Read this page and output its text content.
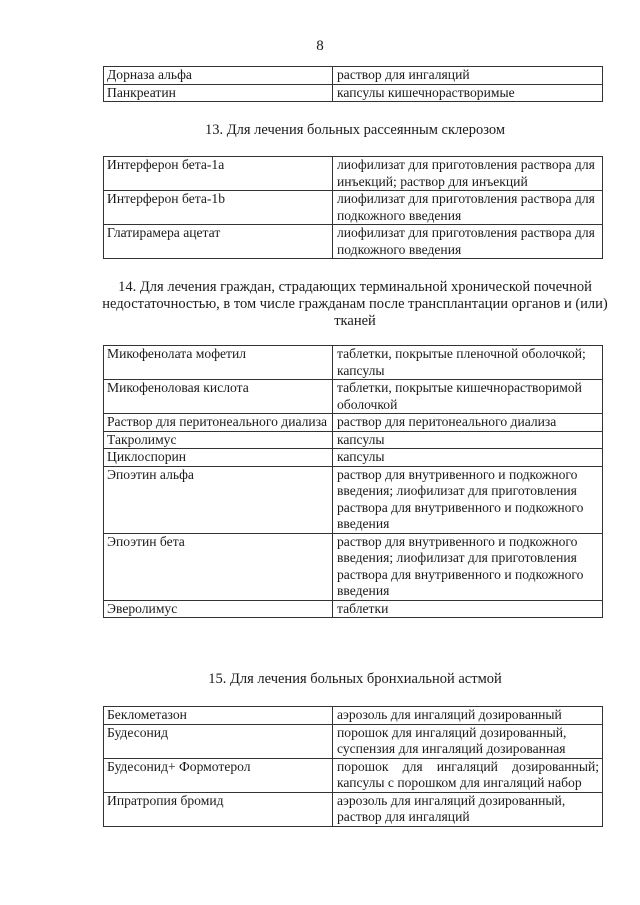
8
Дорназа альфа	раствор для ингаляций
Панкреатин	капсулы кишечнорастворимые
13. Для лечения больных рассеянным склерозом
Интерферон бета-1a	лиофилизат для приготовления раствора для инъекций; раствор для инъекций
Интерферон бета-1b	лиофилизат для приготовления раствора для подкожного введения
Глатирамера ацетат	лиофилизат для приготовления раствора для подкожного введения
14. Для лечения граждан, страдающих терминальной хронической почечной недостаточностью, в том числе гражданам после трансплантации органов и (или) тканей
Микофенолата мофетил	таблетки, покрытые пленочной оболочкой; капсулы
Микофеноловая кислота	таблетки, покрытые кишечнорастворимой оболочкой
Раствор для перитонеального диализа	раствор для перитонеального диализа
Такролимус	капсулы
Циклоспорин	капсулы
Эпоэтин альфа	раствор для внутривенного и подкожного введения; лиофилизат для приготовления раствора для внутривенного и подкожного введения
Эпоэтин бета	раствор для внутривенного и подкожного введения; лиофилизат для приготовления раствора для внутривенного и подкожного введения
Эверолимус	таблетки
15. Для лечения больных бронхиальной астмой
Беклометазон	аэрозоль для ингаляций дозированный
Будесонид	порошок для ингаляций дозированный, суспензия для ингаляций дозированная
Будесонид+ Формотерол	порошок для ингаляций дозированный; капсулы с порошком для ингаляций набор
Ипратропия бромид	аэрозоль для ингаляций дозированный, раствор для ингаляций
